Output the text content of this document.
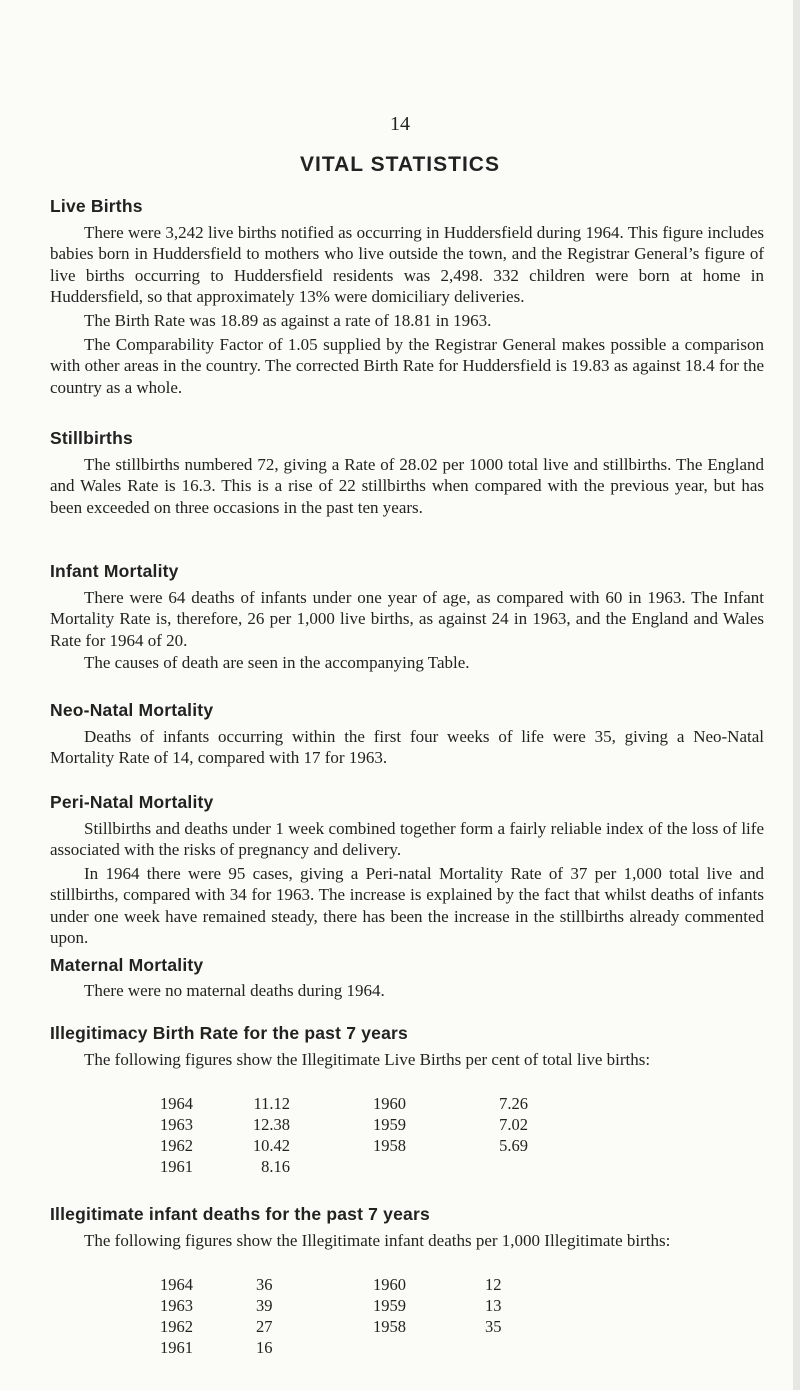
14
VITAL STATISTICS
Live Births
There were 3,242 live births notified as occurring in Huddersfield during 1964. This figure includes babies born in Huddersfield to mothers who live outside the town, and the Registrar General’s figure of live births occurring to Huddersfield residents was 2,498. 332 children were born at home in Huddersfield, so that approximately 13% were domiciliary deliveries.
The Birth Rate was 18.89 as against a rate of 18.81 in 1963.
The Comparability Factor of 1.05 supplied by the Registrar General makes possible a comparison with other areas in the country. The corrected Birth Rate for Huddersfield is 19.83 as against 18.4 for the country as a whole.
Stillbirths
The stillbirths numbered 72, giving a Rate of 28.02 per 1000 total live and stillbirths. The England and Wales Rate is 16.3. This is a rise of 22 stillbirths when compared with the previous year, but has been exceeded on three occasions in the past ten years.
Infant Mortality
There were 64 deaths of infants under one year of age, as compared with 60 in 1963. The Infant Mortality Rate is, therefore, 26 per 1,000 live births, as against 24 in 1963, and the England and Wales Rate for 1964 of 20.
The causes of death are seen in the accompanying Table.
Neo-Natal Mortality
Deaths of infants occurring within the first four weeks of life were 35, giving a Neo-Natal Mortality Rate of 14, compared with 17 for 1963.
Peri-Natal Mortality
Stillbirths and deaths under 1 week combined together form a fairly reliable index of the loss of life associated with the risks of pregnancy and delivery.
In 1964 there were 95 cases, giving a Peri-natal Mortality Rate of 37 per 1,000 total live and stillbirths, compared with 34 for 1963. The increase is explained by the fact that whilst deaths of infants under one week have remained steady, there has been the increase in the stillbirths already commented upon.
Maternal Mortality
There were no maternal deaths during 1964.
Illegitimacy Birth Rate for the past 7 years
The following figures show the Illegitimate Live Births per cent of total live births:
1964	11.12	1960	7.26
1963	12.38	1959	7.02
1962	10.42	1958	5.69
1961	8.16
Illegitimate infant deaths for the past 7 years
The following figures show the Illegitimate infant deaths per 1,000 Illegitimate births:
1964	36	1960	12
1963	39	1959	13
1962	27	1958	35
1961	16
